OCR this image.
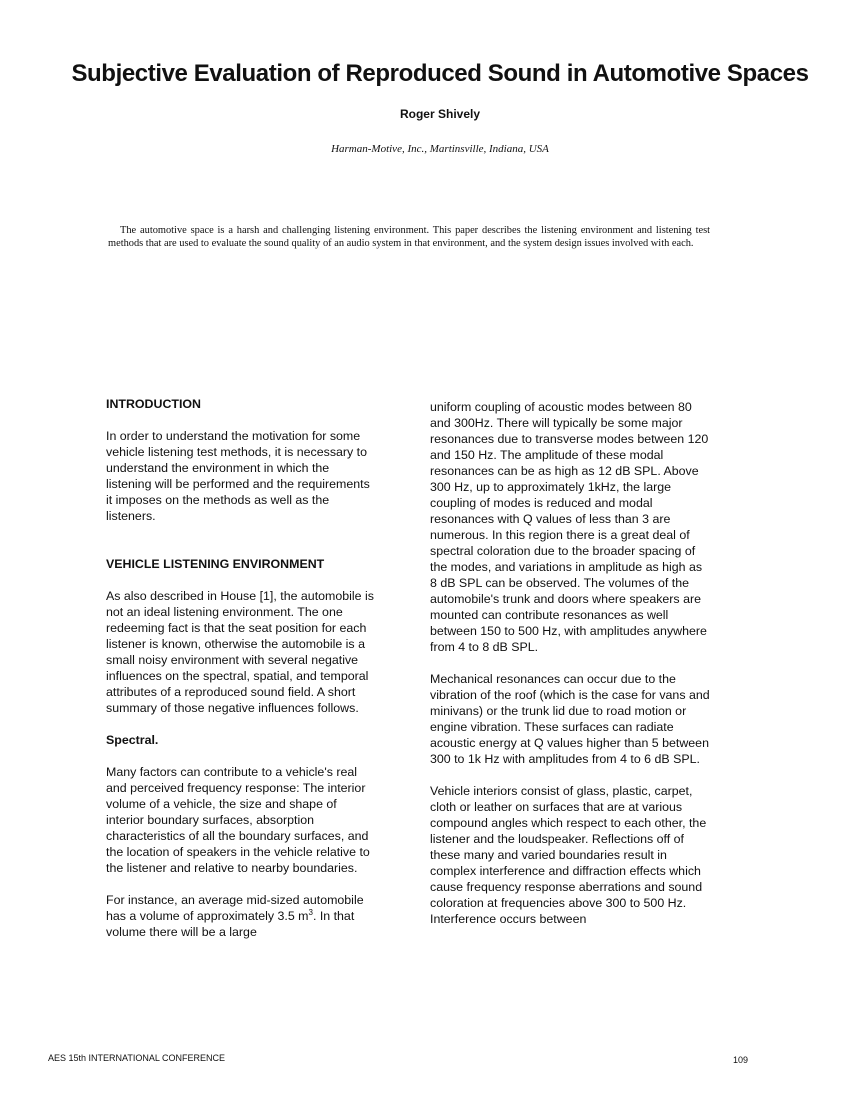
Subjective Evaluation of Reproduced Sound in Automotive Spaces
Roger Shively
Harman-Motive, Inc., Martinsville, Indiana, USA

The automotive space is a harsh and challenging listening environment. This paper describes the listening environment and listening test methods that are used to evaluate the sound quality of an audio system in that environment, and the system design issues involved with each.

INTRODUCTION

In order to understand the motivation for some vehicle listening test methods, it is necessary to understand the environment in which the listening will be performed and the requirements it imposes on the methods as well as the listeners.

VEHICLE LISTENING ENVIRONMENT

As also described in House [1], the automobile is not an ideal listening environment. The one redeeming fact is that the seat position for each listener is known, otherwise the automobile is a small noisy environment with several negative influences on the spectral, spatial, and temporal attributes of a reproduced sound field. A short summary of those negative influences follows.

Spectral.

Many factors can contribute to a vehicle's real and perceived frequency response: The interior volume of a vehicle, the size and shape of interior boundary surfaces, absorption characteristics of all the boundary surfaces, and the location of speakers in the vehicle relative to the listener and relative to nearby boundaries.

For instance, an average mid-sized automobile has a volume of approximately 3.5 $m^3$. In that volume there will be a large

uniform coupling of acoustic modes between 80 and 300Hz. There will typically be some major resonances due to transverse modes between 120 and 150 Hz. The amplitude of these modal resonances can be as high as 12 dB SPL. Above 300 Hz, up to approximately 1kHz, the large coupling of modes is reduced and modal resonances with Q values of less than 3 are numerous. In this region there is a great deal of spectral coloration due to the broader spacing of the modes, and variations in amplitude as high as 8 dB SPL can be observed. The volumes of the automobile's trunk and doors where speakers are mounted can contribute resonances as well between 150 to 500 Hz, with amplitudes anywhere from 4 to 8 dB SPL.

Mechanical resonances can occur due to the vibration of the roof (which is the case for vans and minivans) or the trunk lid due to road motion or engine vibration. These surfaces can radiate acoustic energy at Q values higher than 5 between 300 to 1k Hz with amplitudes from 4 to 6 dB SPL.

Vehicle interiors consist of glass, plastic, carpet, cloth or leather on surfaces that are at various compound angles which respect to each other, the listener and the loudspeaker. Reflections off of these many and varied boundaries result in complex interference and diffraction effects which cause frequency response aberrations and sound coloration at frequencies above 300 to 500 Hz. Interference occurs between

AES 15th INTERNATIONAL CONFERENCE	109
